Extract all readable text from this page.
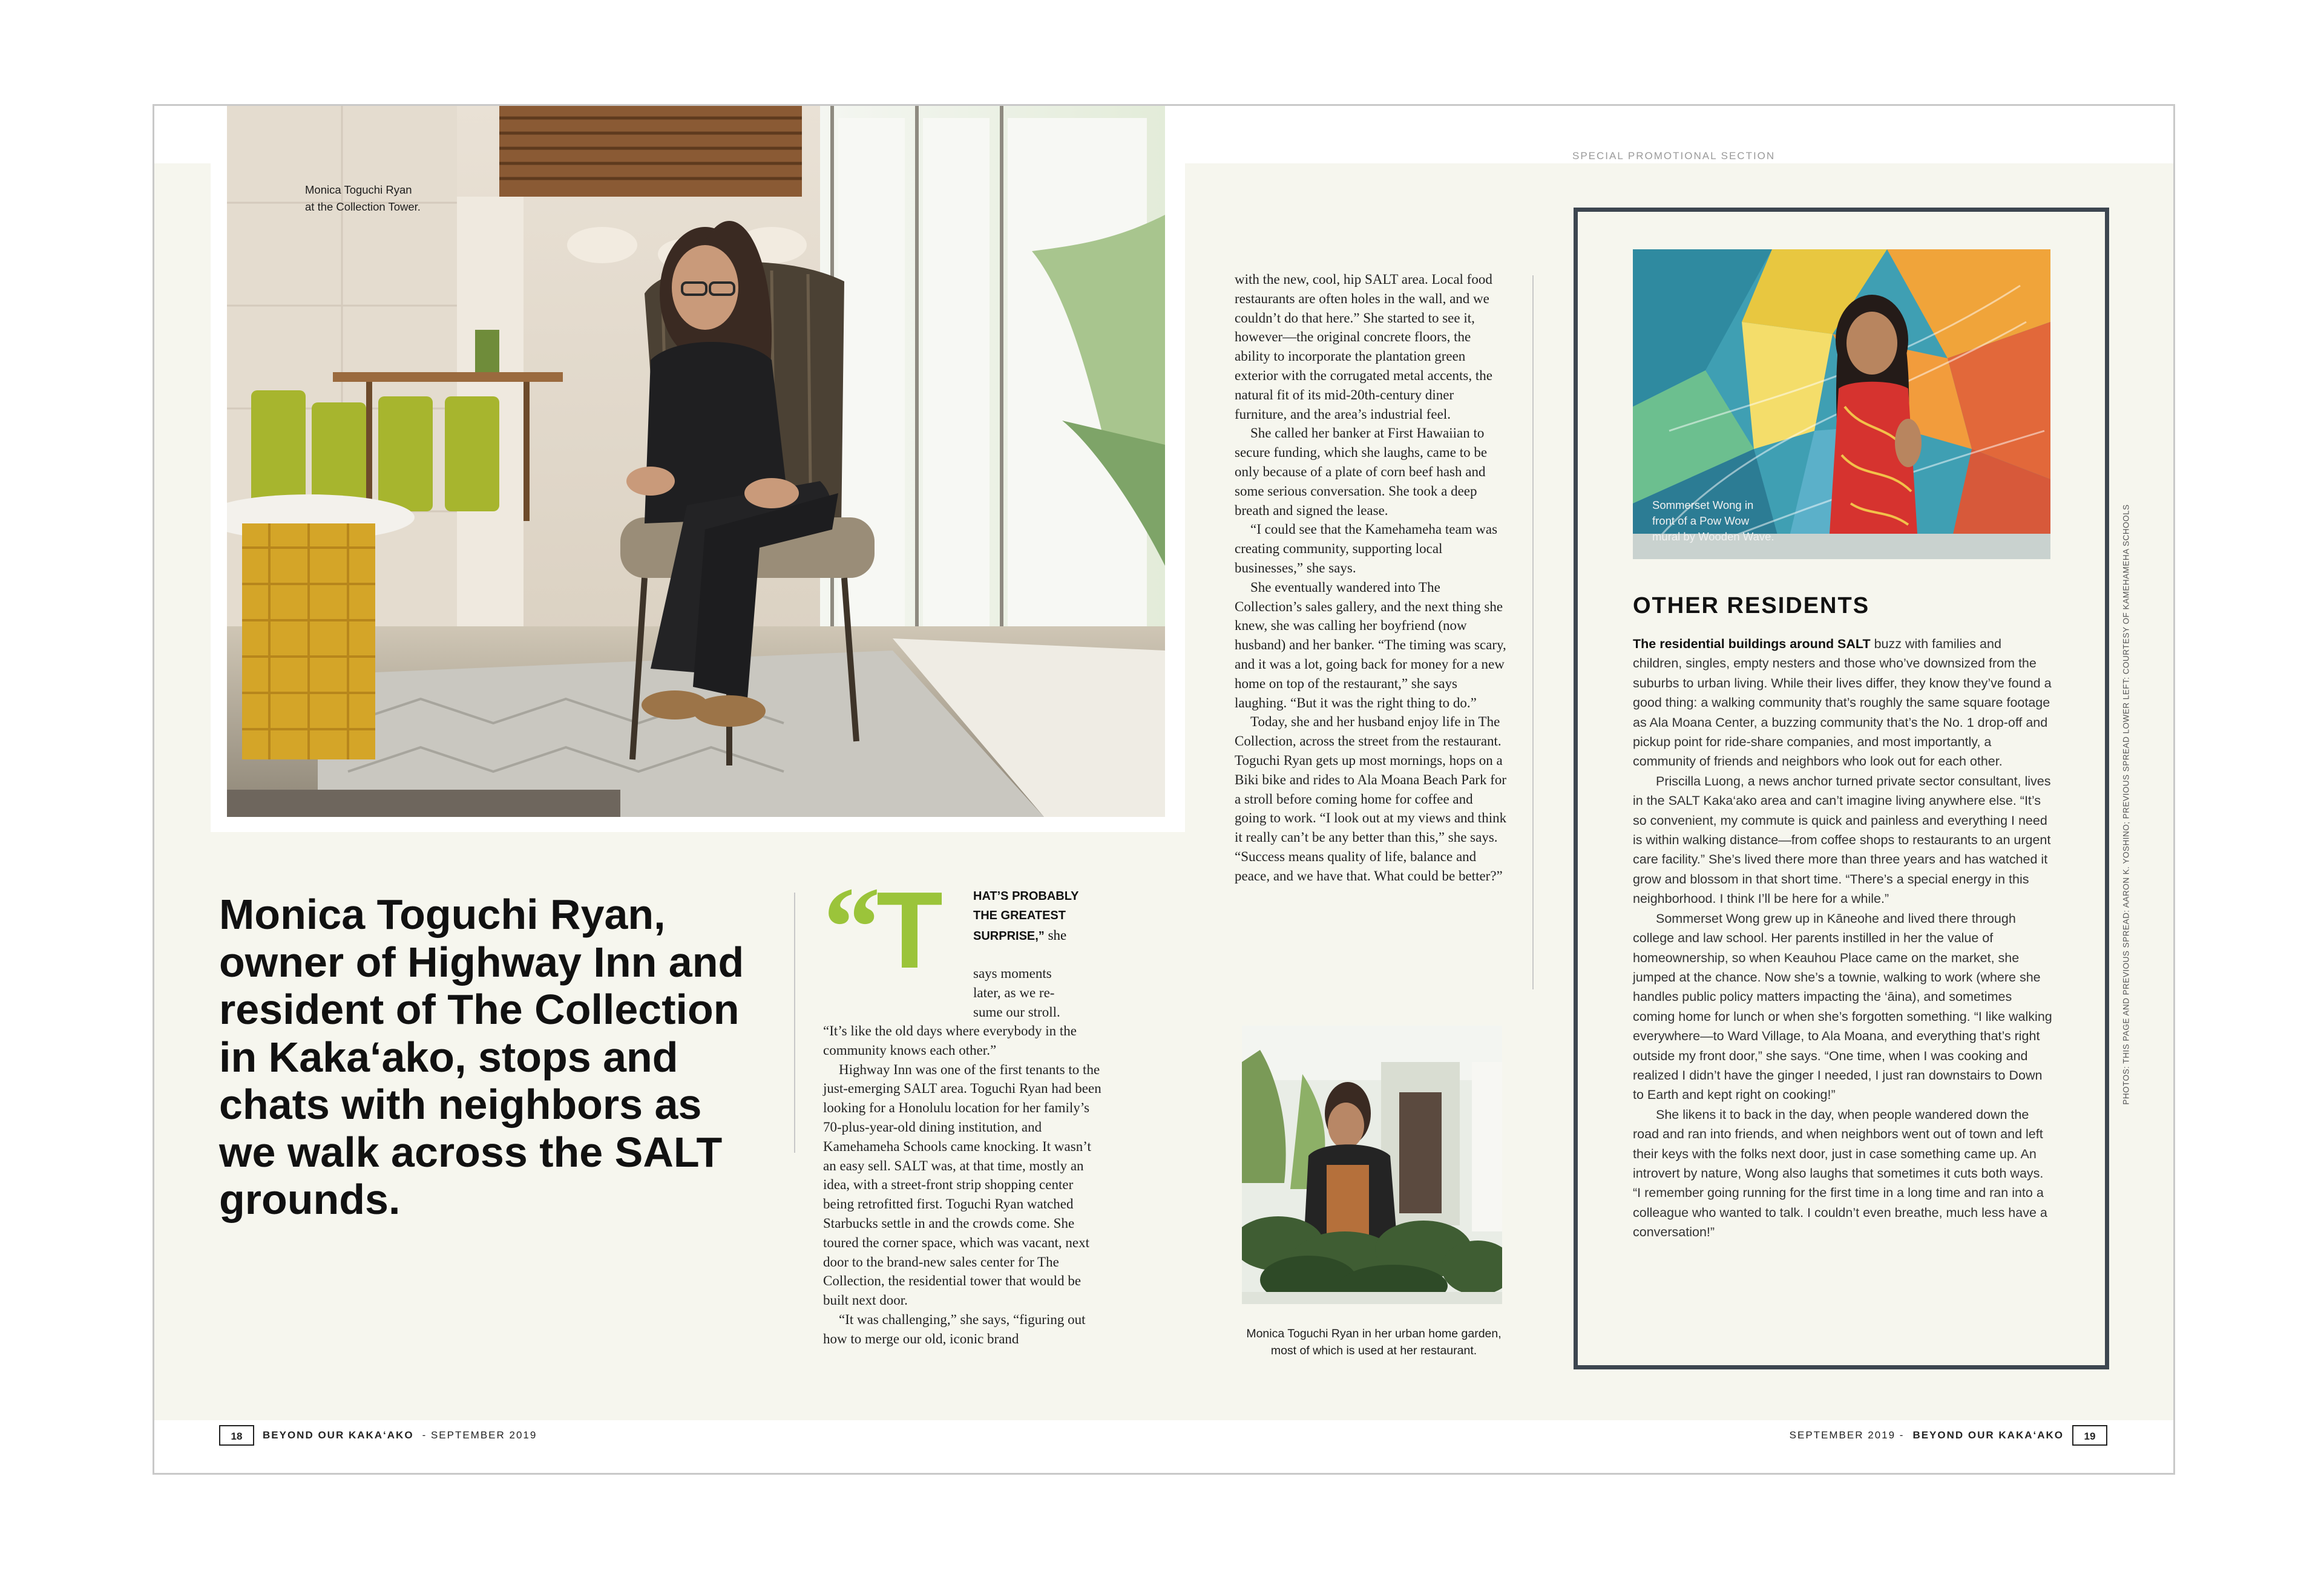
SPECIAL PROMOTIONAL SECTION
Monica Toguchi Ryan
at the Collection Tower.
Monica Toguchi Ryan, owner of Highway Inn and resident of The Collection in Kaka‘ako, stops and chats with neighbors as we walk across the SALT grounds.
“
T	HAT’S PROBABLY
THE GREATEST
SURPRISE,” she
says moments
later, as we re-
sume our stroll.

“It’s like the old days where everybody in the community knows each other.”

Highway Inn was one of the first tenants to the just-emerging SALT area. Toguchi Ryan had been looking for a Honolulu location for her family’s 70-plus-year-old dining institution, and Kamehameha Schools came knocking. It wasn’t an easy sell. SALT was, at that time, mostly an idea, with a street-front strip shopping center being retrofitted first. Toguchi Ryan watched Starbucks settle in and the crowds come. She toured the corner space, which was vacant, next door to the brand-new sales center for The Collection, the residential tower that would be built next door.

“It was challenging,” she says, “figuring out how to merge our old, iconic brand

with the new, cool, hip SALT area. Local food restaurants are often holes in the wall, and we couldn’t do that here.” She started to see it, however—the original concrete floors, the ability to incorporate the plantation green exterior with the corrugated metal accents, the natural fit of its mid-20th-century diner furniture, and the area’s industrial feel.

She called her banker at First Hawaiian to secure funding, which she laughs, came to be only because of a plate of corn beef hash and some serious conversation. She took a deep breath and signed the lease.

“I could see that the Kamehameha team was creating community, supporting local businesses,” she says.

She eventually wandered into The Collection’s sales gallery, and the next thing she knew, she was calling her boyfriend (now husband) and her banker. “The timing was scary, and it was a lot, going back for money for a new home on top of the restaurant,” she says laughing. “But it was the right thing to do.”

Today, she and her husband enjoy life in The Collection, across the street from the restaurant. Toguchi Ryan gets up most mornings, hops on a Biki bike and rides to Ala Moana Beach Park for a stroll before coming home for coffee and going to work. “I look out at my views and think it really can’t be any better than this,” she says. “Success means quality of life, balance and peace, and we have that. What could be better?”

Monica Toguchi Ryan in her urban home garden,
most of which is used at her restaurant.
Sommerset Wong in
front of a Pow Wow
mural by Wooden Wave.
OTHER RESIDENTS

The residential buildings around SALT buzz with families and children, singles, empty nesters and those who’ve downsized from the suburbs to urban living. While their lives differ, they know they’ve found a good thing: a walking community that’s roughly the same square footage as Ala Moana Center, a buzzing community that’s the No. 1 drop-off and pickup point for ride-share companies, and most importantly, a community of friends and neighbors who look out for each other.

Priscilla Luong, a news anchor turned private sector consultant, lives in the SALT Kaka‘ako area and can’t imagine living anywhere else. “It’s so convenient, my commute is quick and painless and everything I need is within walking distance—from coffee shops to restaurants to an urgent care facility.” She’s lived there more than three years and has watched it grow and blossom in that short time. “There’s a special energy in this neighborhood. I think I’ll be here for a while.”

Sommerset Wong grew up in Kāneohe and lived there through college and law school. Her parents instilled in her the value of homeownership, so when Keauhou Place came on the market, she jumped at the chance. Now she’s a townie, walking to work (where she handles public policy matters impacting the ‘āina), and sometimes coming home for lunch or when she’s forgotten something. “I like walking everywhere—to Ward Village, to Ala Moana, and everything that’s right outside my front door,” she says. “One time, when I was cooking and realized I didn’t have the ginger I needed, I just ran downstairs to Down to Earth and kept right on cooking!”

She likens it to back in the day, when people wandered down the road and ran into friends, and when neighbors went out of town and left their keys with the folks next door, just in case something came up. An introvert by nature, Wong also laughs that sometimes it cuts both ways. “I remember going running for the first time in a long time and ran into a colleague who wanted to talk. I couldn’t even breathe, much less have a conversation!”

PHOTOS: THIS PAGE AND PREVIOUS SPREAD: AARON K. YOSHINO; PREVIOUS SPREAD LOWER LEFT: COURTESY OF KAMEHAMEHA SCHOOLS
18	BEYOND OUR KAKA‘AKO - SEPTEMBER 2019	SEPTEMBER 2019 - BEYOND OUR KAKA‘AKO	19
